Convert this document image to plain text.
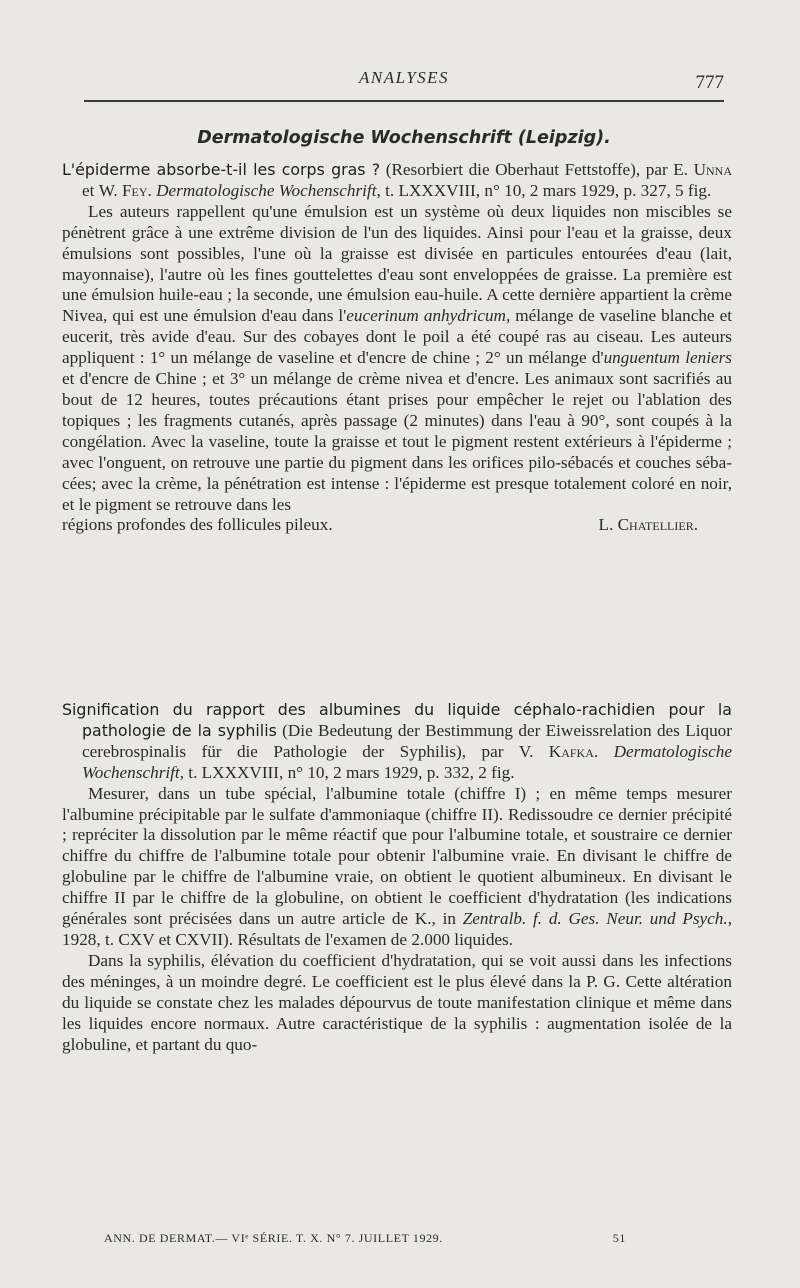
ANALYSES	777
Dermatologische Wochenschrift (Leipzig).

L'épiderme absorbe-t-il les corps gras ? (Resorbiert die Oberhaut Fettstoffe), par E. Unna et W. Fey. Dermatologische Wochenschrift, t. LXXXVIII, n° 10, 2 mars 1929, p. 327, 5 fig.

Les auteurs rappellent qu'une émulsion est un système où deux liquides non miscibles se pénètrent grâce à une extrême division de l'un des liquides. Ainsi pour l'eau et la graisse, deux émulsions sont possibles, l'une où la graisse est divisée en particules entourées d'eau (lait, mayonnaise), l'autre où les fines gouttelettes d'eau sont enveloppées de graisse. La première est une émulsion huile-eau ; la seconde, une émulsion eau-huile. A cette dernière appartient la crème Nivea, qui est une émulsion d'eau dans l'eucerinum anhydricum, mélange de vaseline blanche et eucerit, très avide d'eau. Sur des cobayes dont le poil a été coupé ras au ciseau. Les auteurs appliquent : 1° un mélange de vaseline et d'encre de chine ; 2° un mélange d'unguentum leniers et d'encre de Chine ; et 3° un mélange de crème nivea et d'encre. Les animaux sont sacrifiés au bout de 12 heures, toutes précautions étant prises pour empêcher le rejet ou l'ablation des topiques ; les fragments cutanés, après passage (2 minutes) dans l'eau à 90°, sont coupés à la congélation. Avec la vaseline, toute la graisse et tout le pigment restent extérieurs à l'épiderme ; avec l'onguent, on retrouve une partie du pigment dans les orifices pilo-sébacés et couches sébacées; avec la crème, la pénétration est intense : l'épiderme est presque totalement coloré en noir, et le pigment se retrouve dans les

régions profondes des follicules pileux.	L. Chatellier.

Signification du rapport des albumines du liquide céphalo-rachidien pour la pathologie de la syphilis (Die Bedeutung der Bestimmung der Eiweissrelation des Liquor cerebrospinalis für die Pathologie der Syphilis), par V. Kafka. Dermatologische Wochenschrift, t. LXXXVIII, n° 10, 2 mars 1929, p. 332, 2 fig.

Mesurer, dans un tube spécial, l'albumine totale (chiffre I) ; en même temps mesurer l'albumine précipitable par le sulfate d'ammoniaque (chiffre II). Redissoudre ce dernier précipité ; repréciter la dissolution par le même réactif que pour l'albumine totale, et soustraire ce dernier chiffre du chiffre de l'albumine totale pour obtenir l'albumine vraie. En divisant le chiffre de globuline par le chiffre de l'albumine vraie, on obtient le quotient albumineux. En divisant le chiffre II par le chiffre de la globuline, on obtient le coefficient d'hydratation (les indications générales sont précisées dans un autre article de K., in Zentralb. f. d. Ges. Neur. und Psych., 1928, t. CXV et CXVII). Résultats de l'examen de 2.000 liquides.

Dans la syphilis, élévation du coefficient d'hydratation, qui se voit aussi dans les infections des méninges, à un moindre degré. Le coefficient est le plus élevé dans la P. G. Cette altération du liquide se constate chez les malades dépourvus de toute manifestation clinique et même dans les liquides encore normaux. Autre caractéristique de la syphilis : augmentation isolée de la globuline, et partant du quo-

ANN. DE DERMAT.— VIᵉ SÉRIE. T. X. N° 7. JUILLET 1929.	51
